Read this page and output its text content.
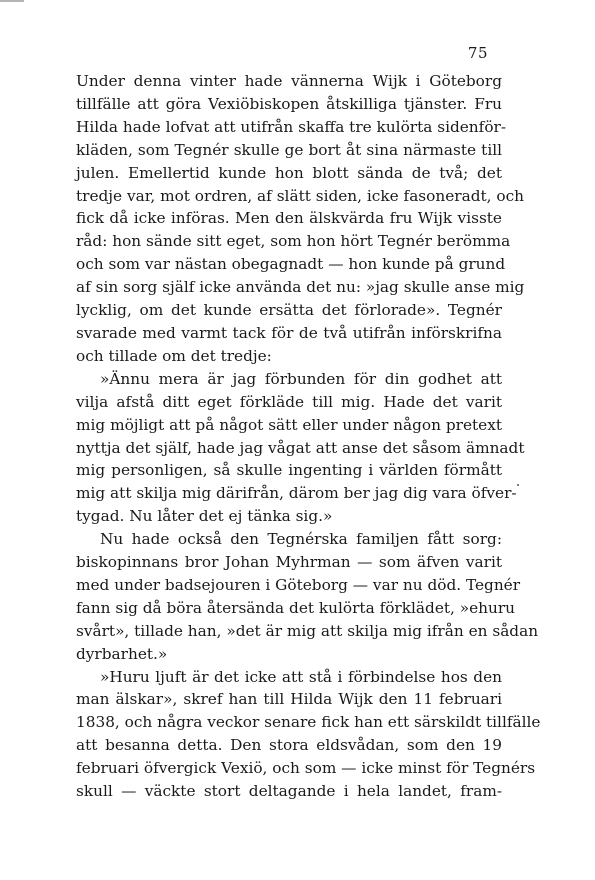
75
Under denna vinter hade vännerna Wijk i Göteborg
tillfälle att göra Vexiöbiskopen åtskilliga tjänster. Fru
Hilda hade lofvat att utifrån skaffa tre kulörta sidenför-
kläden, som Tegnér skulle ge bort åt sina närmaste till
julen. Emellertid kunde hon blott sända de två; det
tredje var, mot ordren, af slätt siden, icke fasoneradt, och
fick då icke införas. Men den älskvärda fru Wijk visste
råd: hon sände sitt eget, som hon hört Tegnér berömma
och som var nästan obegagnadt — hon kunde på grund
af sin sorg själf icke använda det nu: »jag skulle anse mig
lycklig, om det kunde ersätta det förlorade». Tegnér
svarade med varmt tack för de två utifrån införskrifna
och tillade om det tredje:
»Ännu mera är jag förbunden för din godhet att
vilja afstå ditt eget förkläde till mig. Hade det varit
mig möjligt att på något sätt eller under någon pretext
nyttja det själf, hade jag vågat att anse det såsom ämnadt
mig personligen, så skulle ingenting i världen förmått
mig att skilja mig därifrån, därom ber jag dig vara öfver-
tygad. Nu låter det ej tänka sig.»
Nu hade också den Tegnérska familjen fått sorg:
biskopinnans bror Johan Myhrman — som äfven varit
med under badsejouren i Göteborg — var nu död. Tegnér
fann sig då böra återsända det kulörta förklädet, »ehuru
svårt», tillade han, »det är mig att skilja mig ifrån en sådan
dyrbarhet.»
»Huru ljuft är det icke att stå i förbindelse hos den
man älskar», skref han till Hilda Wijk den 11 februari
1838, och några veckor senare fick han ett särskildt tillfälle
att besanna detta. Den stora eldsvådan, som den 19
februari öfvergick Vexiö, och som — icke minst för Tegnérs
skull — väckte stort deltagande i hela landet, fram-
